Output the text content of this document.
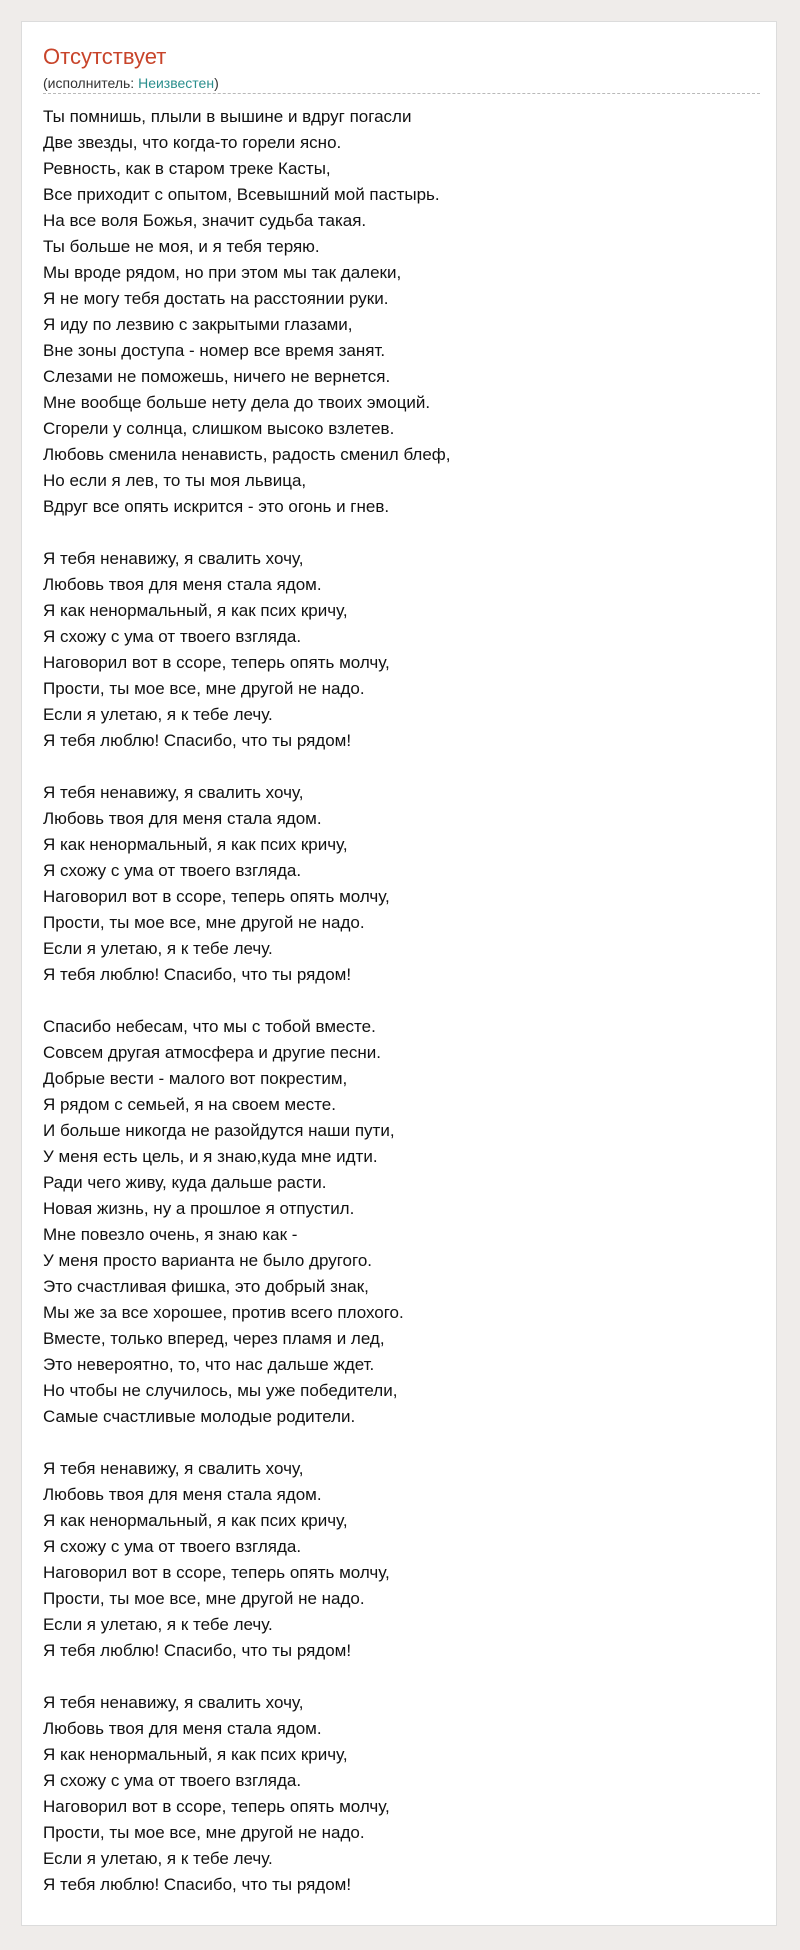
Отсутствует
(исполнитель: Неизвестен)
Ты помнишь, плыли в вышине и вдруг погасли
Две звезды, что когда-то горели ясно.
Ревность, как в старом треке Касты,
Все приходит с опытом, Всевышний мой пастырь.
На все воля Божья, значит судьба такая.
Ты больше не моя, и я тебя теряю.
Мы вроде рядом, но при этом мы так далеки,
Я не могу тебя достать на расстоянии руки.
Я иду по лезвию с закрытыми глазами,
Вне зоны доступа - номер все время занят.
Слезами не поможешь, ничего не вернется.
Мне вообще больше нету дела до твоих эмоций.
Сгорели у солнца, слишком высоко взлетев.
Любовь сменила ненависть, радость сменил блеф,
Но если я лев, то ты моя львица,
Вдруг все опять искрится - это огонь и гнев.
Я тебя ненавижу, я свалить хочу,
Любовь твоя для меня стала ядом.
Я как ненормальный, я как псих кричу,
Я схожу с ума от твоего взгляда.
Наговорил вот в ссоре, теперь опять молчу,
Прости, ты мое все, мне другой не надо.
Если я улетаю, я к тебе лечу.
Я тебя люблю! Спасибо, что ты рядом!
Я тебя ненавижу, я свалить хочу,
Любовь твоя для меня стала ядом.
Я как ненормальный, я как псих кричу,
Я схожу с ума от твоего взгляда.
Наговорил вот в ссоре, теперь опять молчу,
Прости, ты мое все, мне другой не надо.
Если я улетаю, я к тебе лечу.
Я тебя люблю! Спасибо, что ты рядом!
Спасибо небесам, что мы с тобой вместе.
Совсем другая атмосфера и другие песни.
Добрые вести - малого вот покрестим,
Я рядом с семьей, я на своем месте.
И больше никогда не разойдутся наши пути,
У меня есть цель, и я знаю,куда мне идти.
Ради чего живу, куда дальше расти.
Новая жизнь, ну а прошлое я отпустил.
Мне повезло очень, я знаю как -
У меня просто варианта не было другого.
Это счастливая фишка, это добрый знак,
Мы же за все хорошее, против всего плохого.
Вместе, только вперед, через пламя и лед,
Это невероятно, то, что нас дальше ждет.
Но чтобы не случилось, мы уже победители,
Самые счастливые молодые родители.
Я тебя ненавижу, я свалить хочу,
Любовь твоя для меня стала ядом.
Я как ненормальный, я как псих кричу,
Я схожу с ума от твоего взгляда.
Наговорил вот в ссоре, теперь опять молчу,
Прости, ты мое все, мне другой не надо.
Если я улетаю, я к тебе лечу.
Я тебя люблю! Спасибо, что ты рядом!
Я тебя ненавижу, я свалить хочу,
Любовь твоя для меня стала ядом.
Я как ненормальный, я как псих кричу,
Я схожу с ума от твоего взгляда.
Наговорил вот в ссоре, теперь опять молчу,
Прости, ты мое все, мне другой не надо.
Если я улетаю, я к тебе лечу.
Я тебя люблю! Спасибо, что ты рядом!
